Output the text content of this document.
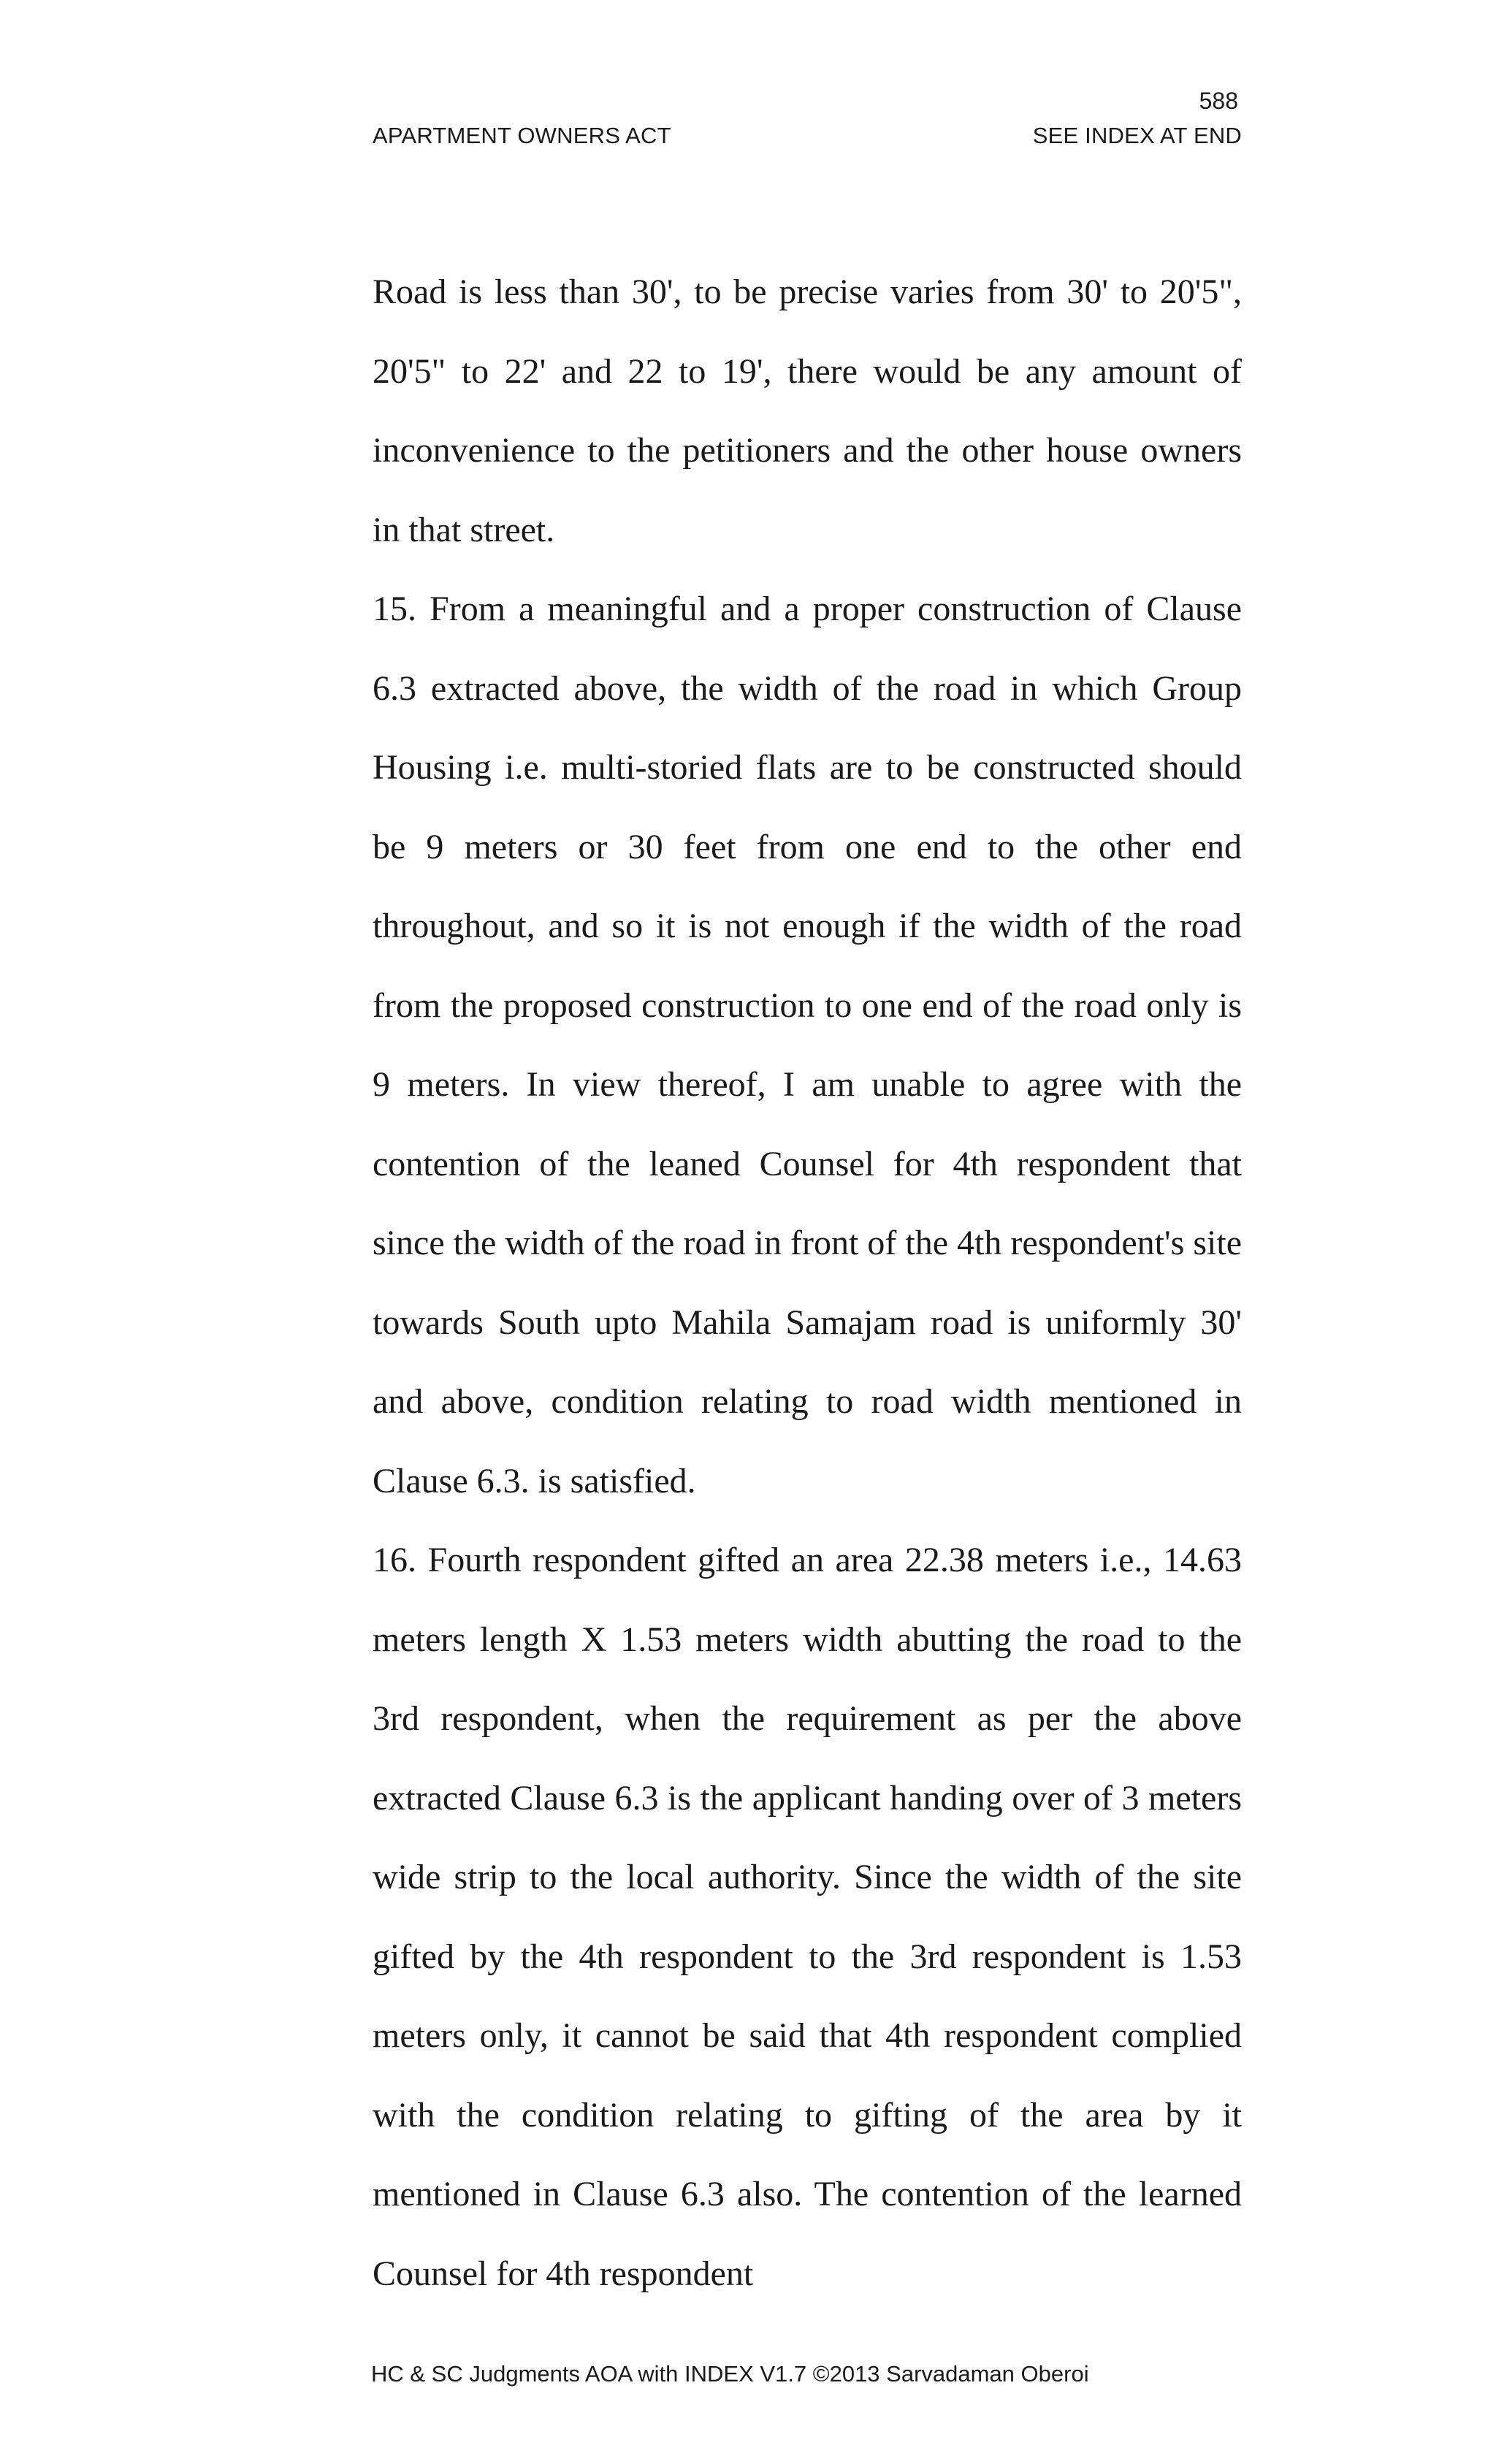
588
APARTMENT OWNERS ACT	SEE INDEX AT END

Road is less than 30', to be precise varies from 30' to 20'5", 20'5" to 22' and 22 to 19', there would be any amount of inconvenience to the petitioners and the other house owners in that street.

15. From a meaningful and a proper construction of Clause 6.3 extracted above, the width of the road in which Group Housing i.e. multi-storied flats are to be constructed should be 9 meters or 30 feet from one end to the other end throughout, and so it is not enough if the width of the road from the proposed construction to one end of the road only is 9 meters. In view thereof, I am unable to agree with the contention of the leaned Counsel for 4th respondent that since the width of the road in front of the 4th respondent's site towards South upto Mahila Samajam road is uniformly 30' and above, condition relating to road width mentioned in Clause 6.3. is satisfied.

16. Fourth respondent gifted an area 22.38 meters i.e., 14.63 meters length X 1.53 meters width abutting the road to the 3rd respondent, when the requirement as per the above extracted Clause 6.3 is the applicant handing over of 3 meters wide strip to the local authority. Since the width of the site gifted by the 4th respondent to the 3rd respondent is 1.53 meters only, it cannot be said that 4th respondent complied with the condition relating to gifting of the area by it mentioned in Clause 6.3 also. The contention of the learned Counsel for 4th respondent

HC & SC Judgments AOA with INDEX V1.7 ©2013 Sarvadaman Oberoi
